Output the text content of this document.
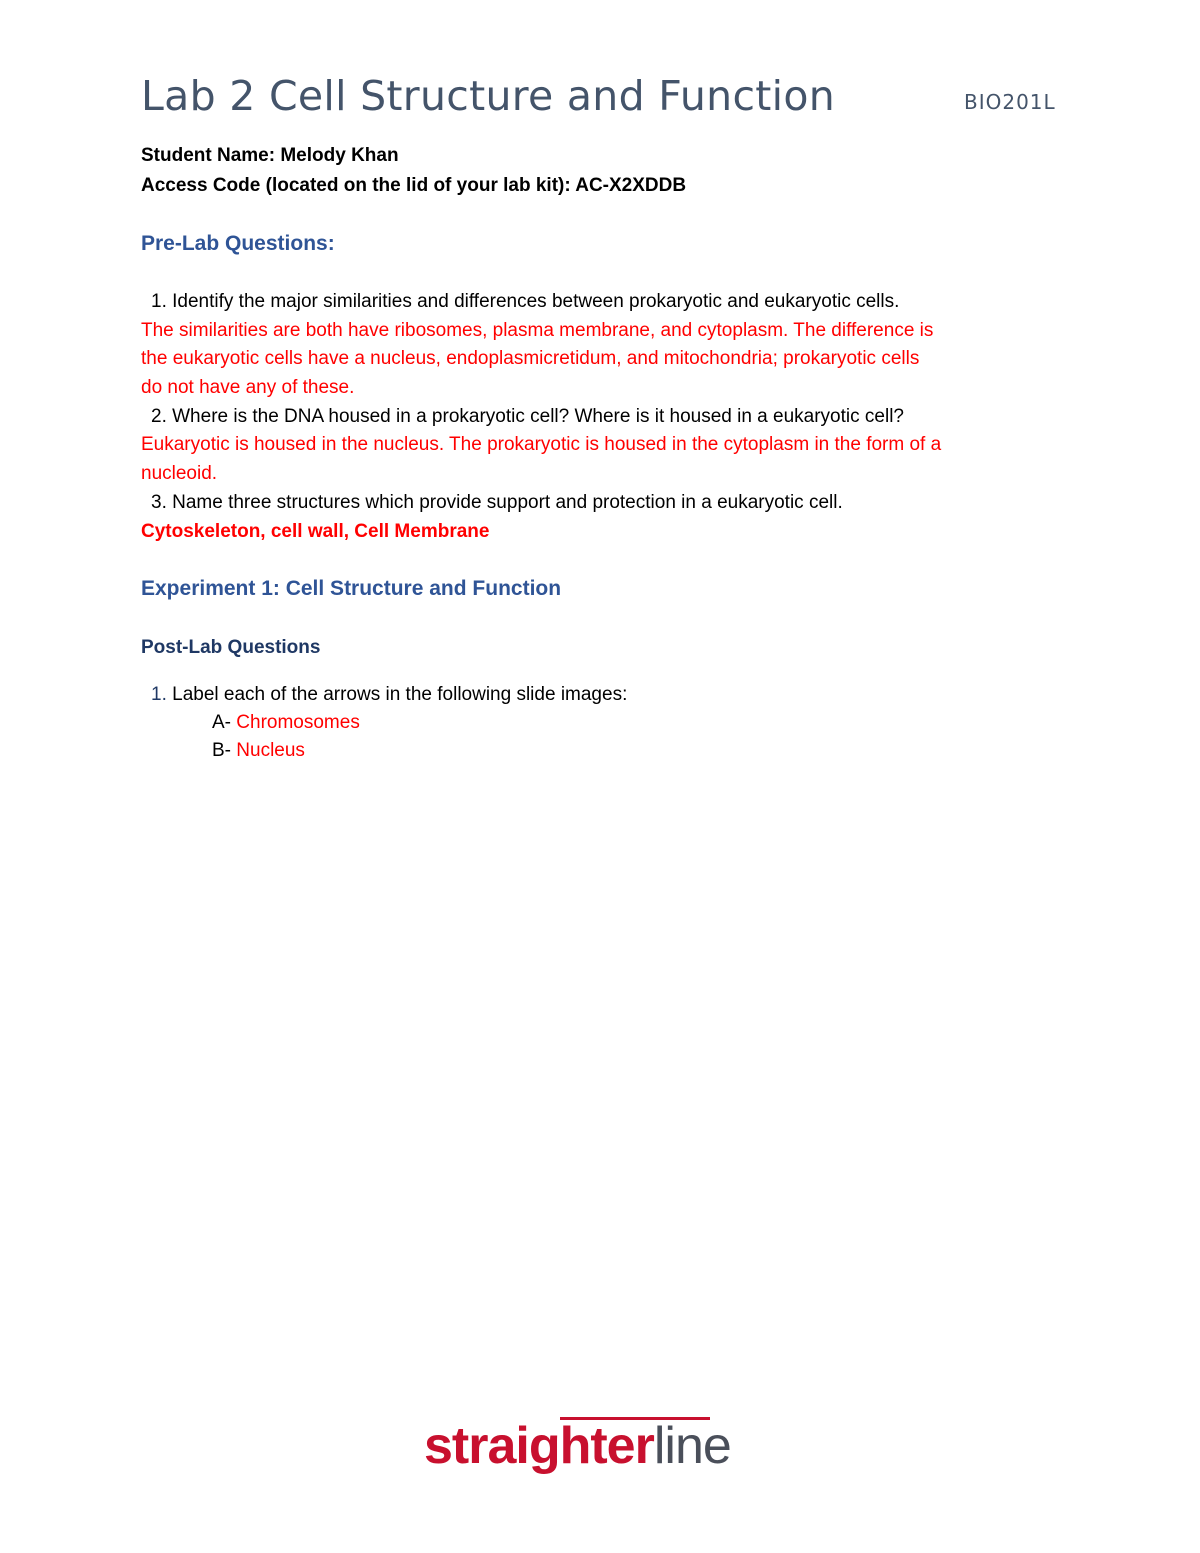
Lab 2 Cell Structure and Function	BIO201L
Student Name: Melody Khan
Access Code (located on the lid of your lab kit): AC-X2XDDB
Pre-Lab Questions:
1. Identify the major similarities and differences between prokaryotic and eukaryotic cells.
The similarities are both have ribosomes, plasma membrane, and cytoplasm. The difference is
the eukaryotic cells have a nucleus, endoplasmicretidum, and mitochondria; prokaryotic cells
do not have any of these.
2. Where is the DNA housed in a prokaryotic cell? Where is it housed in a eukaryotic cell?
Eukaryotic is housed in the nucleus. The prokaryotic is housed in the cytoplasm in the form of a
nucleoid.
3. Name three structures which provide support and protection in a eukaryotic cell.
Cytoskeleton, cell wall, Cell Membrane
Experiment 1: Cell Structure and Function
Post-Lab Questions
1. Label each of the arrows in the following slide images:
A- Chromosomes
B- Nucleus
straighterline
